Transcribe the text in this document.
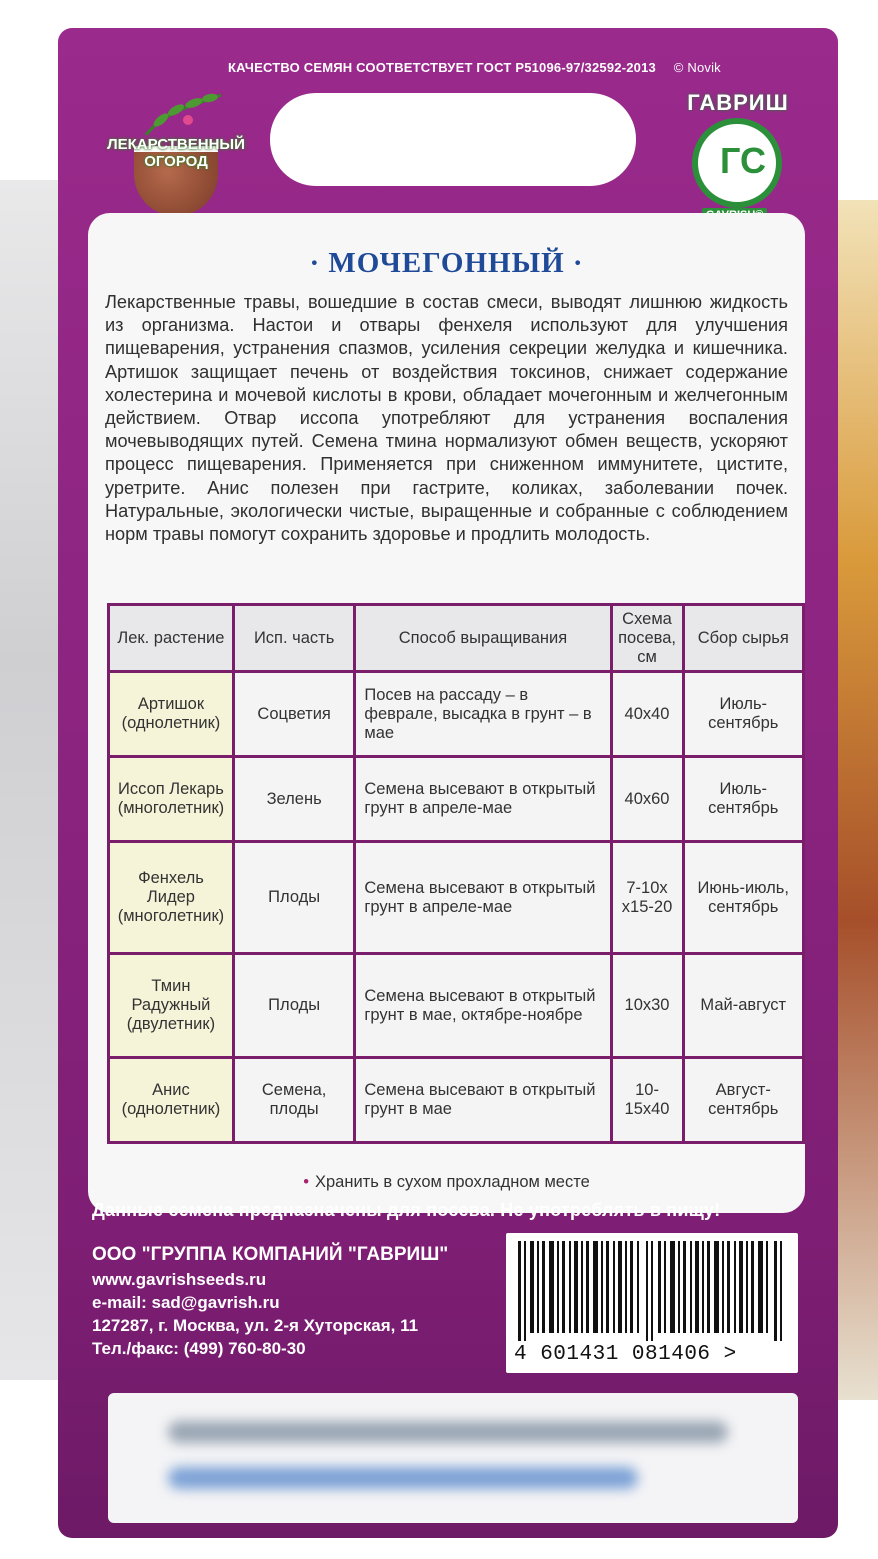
КАЧЕСТВО СЕМЯН СООТВЕТСТВУЕТ ГОСТ Р51096-97/32592-2013 © Novik
ЛЕКАРСТВЕННЫЙ
ОГОРОД
ГАВРИШ
ГС
· МОЧЕГОННЫЙ ·

Лекарственные травы, вошедшие в состав смеси, выводят лишнюю жидкость из организма. Настои и отвары фенхеля используют для улучшения пищеварения, устранения спазмов, усиления секреции желудка и кишечника. Артишок защищает печень от воздействия токсинов, снижает содержание холестерина и мочевой кислоты в крови, обладает мочегонным и желчегонным действием. Отвар иссопа употребляют для устранения воспаления мочевыводящих путей. Семена тмина нормализуют обмен веществ, ускоряют процесс пищеварения. Применяется при сниженном иммунитете, цистите, уретрите. Анис полезен при гастрите, коликах, заболевании почек. Натуральные, экологически чистые, выращенные и собранные с соблюдением норм травы помогут сохранить здоровье и продлить молодость.

Лек. растение	Исп. часть	Способ выращивания	Схема посева, см	Сбор сырья
Артишок (однолетник)	Соцветия	Посев на рассаду – в феврале, высадка в грунт – в мае	40х40	Июль-сентябрь
Иссоп Лекарь (многолетник)	Зелень	Семена высевают в открытый грунт в апреле-мае	40х60	Июль-сентябрь
Фенхель Лидер (многолетник)	Плоды	Семена высевают в открытый грунт в апреле-мае	7-10х х15-20	Июнь-июль, сентябрь
Тмин Радужный (двулетник)	Плоды	Семена высевают в открытый грунт в мае, октябре-ноябре	10х30	Май-август
Анис (однолетник)	Семена, плоды	Семена высевают в открытый грунт в мае	10-15х40	Август-сентябрь
• Хранить в сухом прохладном месте
Данные семена предназначены для посева. Не употреблять в пищу!
ООО "ГРУППА КОМПАНИЙ "ГАВРИШ"
www.gavrishseeds.ru
e-mail: sad@gavrish.ru
127287, г. Москва, ул. 2-я Хуторская, 11
Тел./факс: (499) 760-80-30	4 601431 081406 >
